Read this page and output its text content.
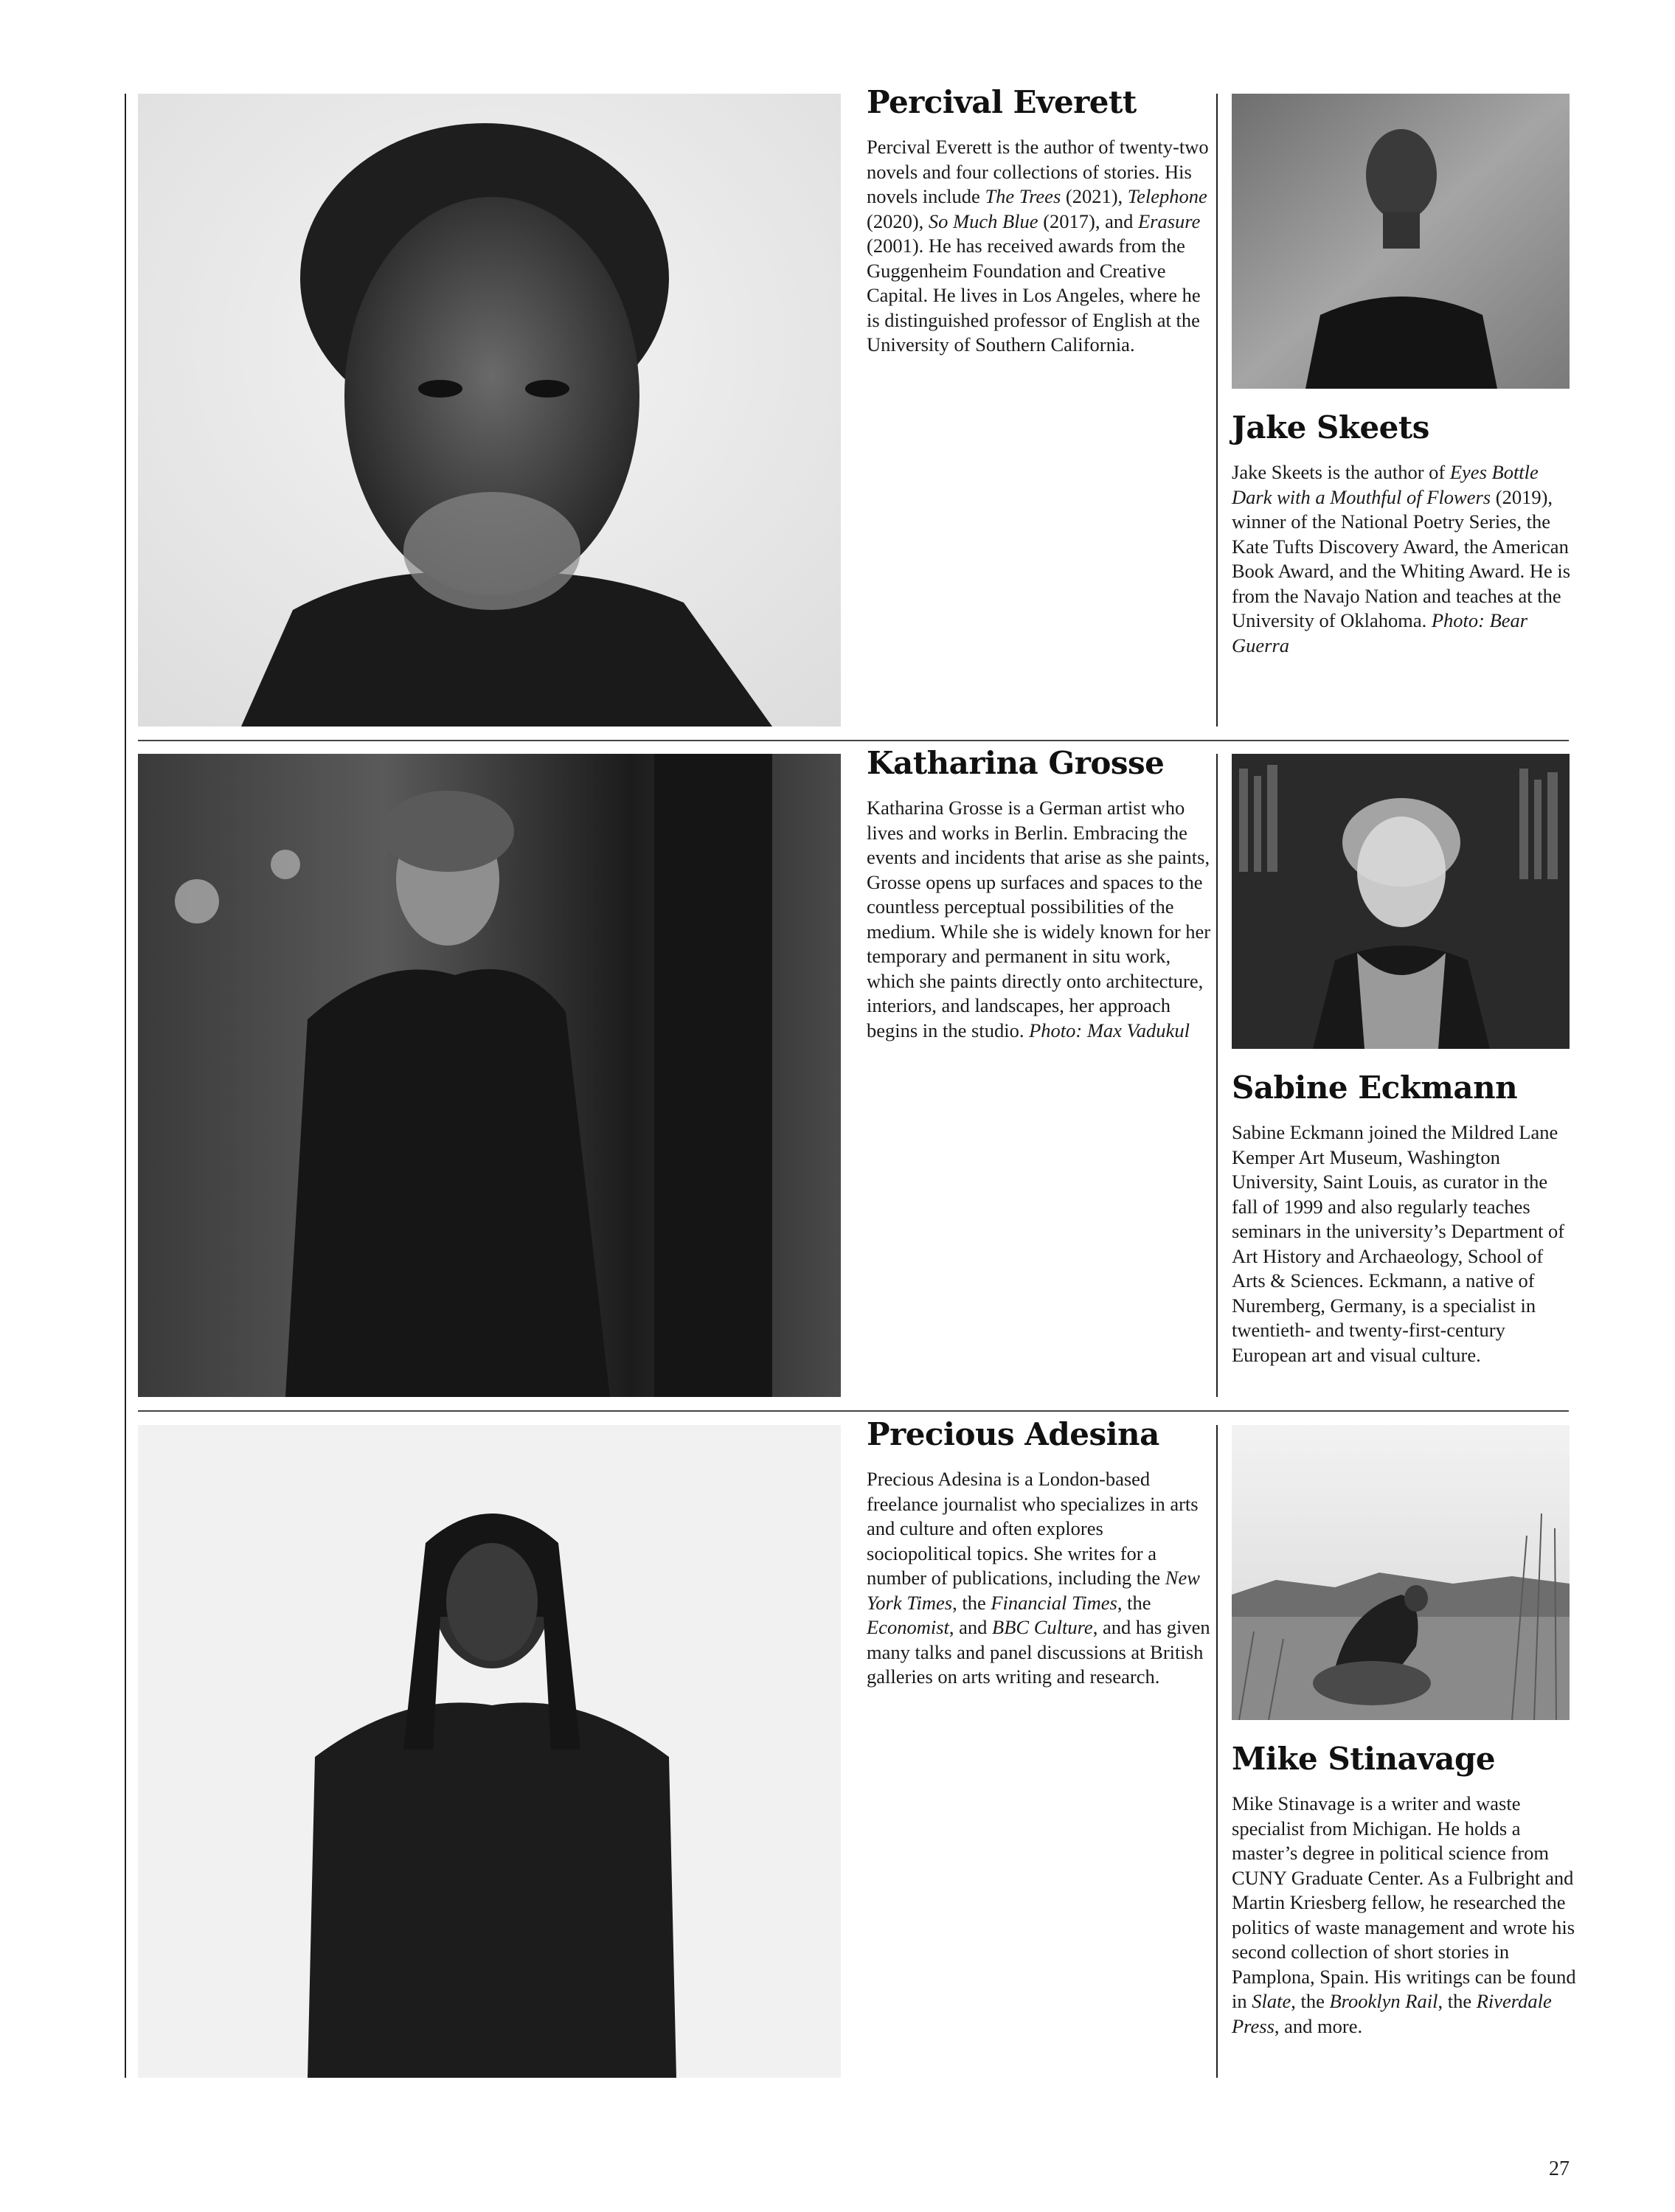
Percival Everett

Percival Everett is the author of twenty-two novels and four collections of stories. His novels include The Trees (2021), Telephone (2020), So Much Blue (2017), and Erasure (2001). He has received awards from the Guggenheim Foundation and Creative Capital. He lives in Los Angeles, where he is distinguished professor of English at the University of Southern California.

Jake Skeets

Jake Skeets is the author of Eyes Bottle Dark with a Mouthful of Flowers (2019), winner of the National Poetry Series, the Kate Tufts Discovery Award, the American Book Award, and the Whiting Award. He is from the Navajo Nation and teaches at the University of Oklahoma. Photo: Bear Guerra

Katharina Grosse

Katharina Grosse is a German artist who lives and works in Berlin. Embracing the events and incidents that arise as she paints, Grosse opens up surfaces and spaces to the countless perceptual possibilities of the medium. While she is widely known for her temporary and permanent in situ work, which she paints directly onto architecture, interiors, and landscapes, her approach begins in the studio. Photo: Max Vadukul

Sabine Eckmann

Sabine Eckmann joined the Mildred Lane Kemper Art Museum, Washington University, Saint Louis, as curator in the fall of 1999 and also regularly teaches seminars in the university’s Department of Art History and Archaeology, School of Arts & Sciences. Eckmann, a native of Nuremberg, Germany, is a specialist in twentieth- and twenty-first-century European art and visual culture.

Precious Adesina

Precious Adesina is a London-based freelance journalist who specializes in arts and culture and often explores sociopolitical topics. She writes for a number of publications, including the New York Times, the Financial Times, the Economist, and BBC Culture, and has given many talks and panel discussions at British galleries on arts writing and research.

Mike Stinavage

Mike Stinavage is a writer and waste specialist from Michigan. He holds a master’s degree in political science from CUNY Graduate Center. As a Fulbright and Martin Kriesberg fellow, he researched the politics of waste management and wrote his second collection of short stories in Pamplona, Spain. His writings can be found in Slate, the Brooklyn Rail, the Riverdale Press, and more.

27
